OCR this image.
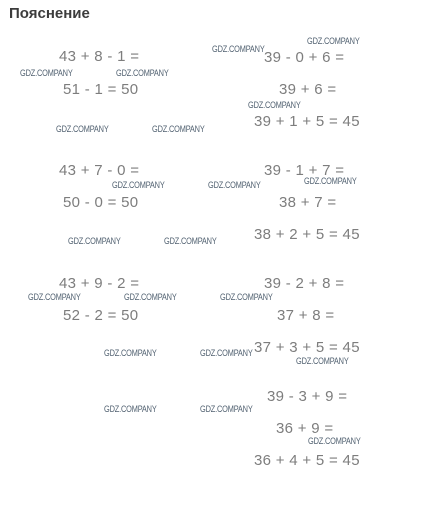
Пояснение
43 + 8 - 1 =
51 - 1 = 50
39 - 0 + 6 =
39 + 6 =
39 + 1 + 5 = 45
43 + 7 - 0 =
50 - 0 = 50
39 - 1 + 7 =
38 + 7 =
38 + 2 + 5 = 45
43 + 9 - 2 =
52 - 2 = 50
39 - 2 + 8 =
37 + 8 =
37 + 3 + 5 = 45
39 - 3 + 9 =
36 + 9 =
36 + 4 + 5 = 45
GDZ.COMPANY
GDZ.COMPANY
GDZ.COMPANY	GDZ.COMPANY
GDZ.COMPANY
GDZ.COMPANY	GDZ.COMPANY
GDZ.COMPANY	GDZ.COMPANY	GDZ.COMPANY
GDZ.COMPANY	GDZ.COMPANY
GDZ.COMPANY	GDZ.COMPANY	GDZ.COMPANY
GDZ.COMPANY	GDZ.COMPANY
GDZ.COMPANY
GDZ.COMPANY	GDZ.COMPANY
GDZ.COMPANY
